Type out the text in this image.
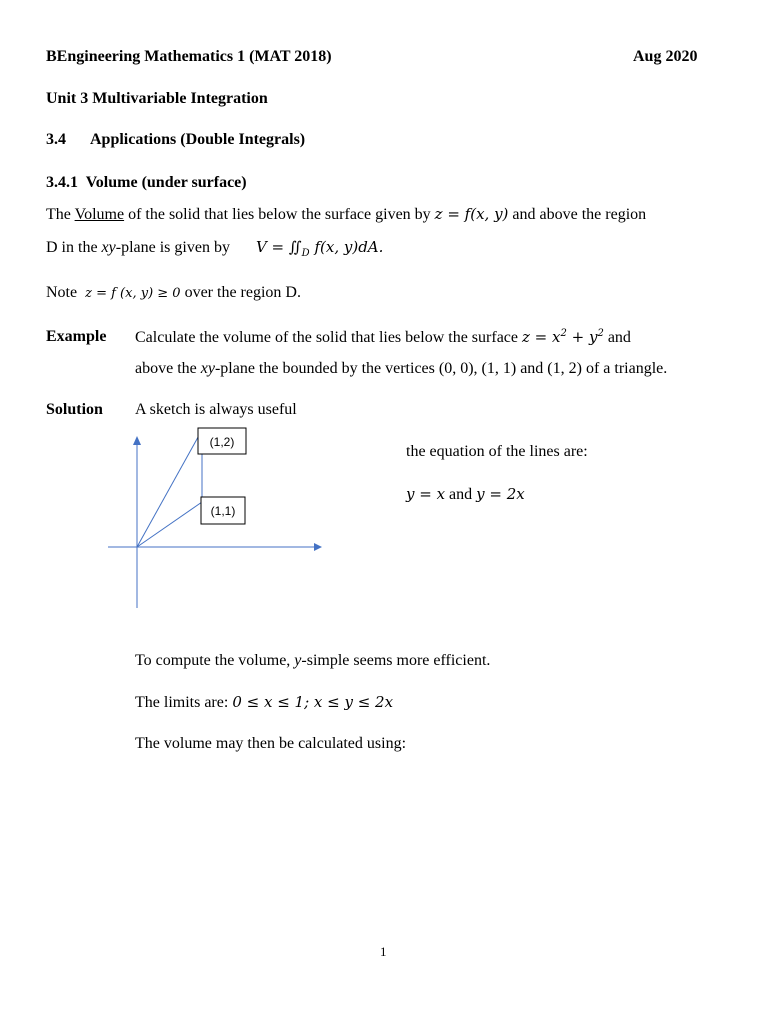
BEngineering Mathematics 1 (MAT 2018)	Aug 2020
Unit 3 Multivariable Integration
3.4 Applications (Double Integrals)
3.4.1 Volume (under surface)
The Volume of the solid that lies below the surface given by z = f(x, y) and above the region
D in the xy-plane is given by $V = ∬_D$ f(x, y)dA.
Note z = f (x, y) ≥ 0 over the region D.
Example Calculate the volume of the solid that lies below the surface $z = x^2 + y^2$ and
above the xy-plane the bounded by the vertices (0, 0), (1, 1) and (1, 2) of a triangle.
Solution A sketch is always useful
(1,2)
(1,1)
the equation of the lines are:
y = x and y = 2x
To compute the volume, y-simple seems more efficient.
The limits are: 0 ≤ x ≤ 1; x ≤ y ≤ 2x
The volume may then be calculated using:
1
